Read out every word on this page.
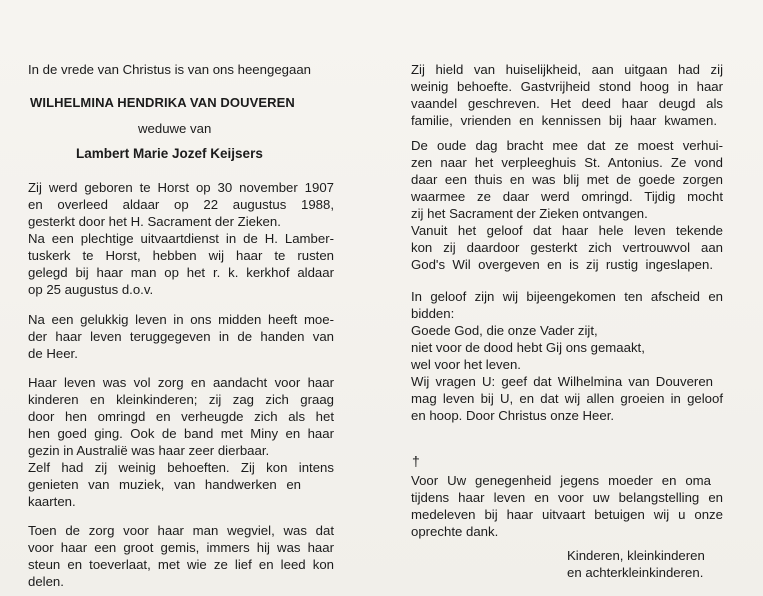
In de vrede van Christus is van ons heengegaan
WILHELMINA HENDRIKA VAN DOUVEREN
weduwe van
Lambert Marie Jozef Keijsers
Zij werd geboren te Horst op 30 november 1907
en overleed aldaar op 22 augustus 1988,
gesterkt door het H. Sacrament der Zieken.
Na een plechtige uitvaartdienst in de H. Lamber-
tuskerk te Horst, hebben wij haar te rusten
gelegd bij haar man op het r. k. kerkhof aldaar
op 25 augustus d.o.v.
Na een gelukkig leven in ons midden heeft moe-
der haar leven teruggegeven in de handen van
de Heer.
Haar leven was vol zorg en aandacht voor haar
kinderen en kleinkinderen; zij zag zich graag
door hen omringd en verheugde zich als het
hen goed ging. Ook de band met Miny en haar
gezin in Australië was haar zeer dierbaar.
Zelf had zij weinig behoeften. Zij kon intens
genieten van muziek, van handwerken en
kaarten.
Toen de zorg voor haar man wegviel, was dat
voor haar een groot gemis, immers hij was haar
steun en toeverlaat, met wie ze lief en leed kon
delen.
Zij hield van huiselijkheid, aan uitgaan had zij
weinig behoefte. Gastvrijheid stond hoog in haar
vaandel geschreven. Het deed haar deugd als
familie, vrienden en kennissen bij haar kwamen.
De oude dag bracht mee dat ze moest verhui-
zen naar het verpleeghuis St. Antonius. Ze vond
daar een thuis en was blij met de goede zorgen
waarmee ze daar werd omringd. Tijdig mocht
zij het Sacrament der Zieken ontvangen.
Vanuit het geloof dat haar hele leven tekende
kon zij daardoor gesterkt zich vertrouwvol aan
God's Wil overgeven en is zij rustig ingeslapen.
In geloof zijn wij bijeengekomen ten afscheid en
bidden:
Goede God, die onze Vader zijt,
niet voor de dood hebt Gij ons gemaakt,
wel voor het leven.
Wij vragen U: geef dat Wilhelmina van Douveren
mag leven bij U, en dat wij allen groeien in geloof
en hoop. Door Christus onze Heer.
†
Voor Uw genegenheid jegens moeder en oma
tijdens haar leven en voor uw belangstelling en
medeleven bij haar uitvaart betuigen wij u onze
oprechte dank.
Kinderen, kleinkinderen
en achterkleinkinderen.
